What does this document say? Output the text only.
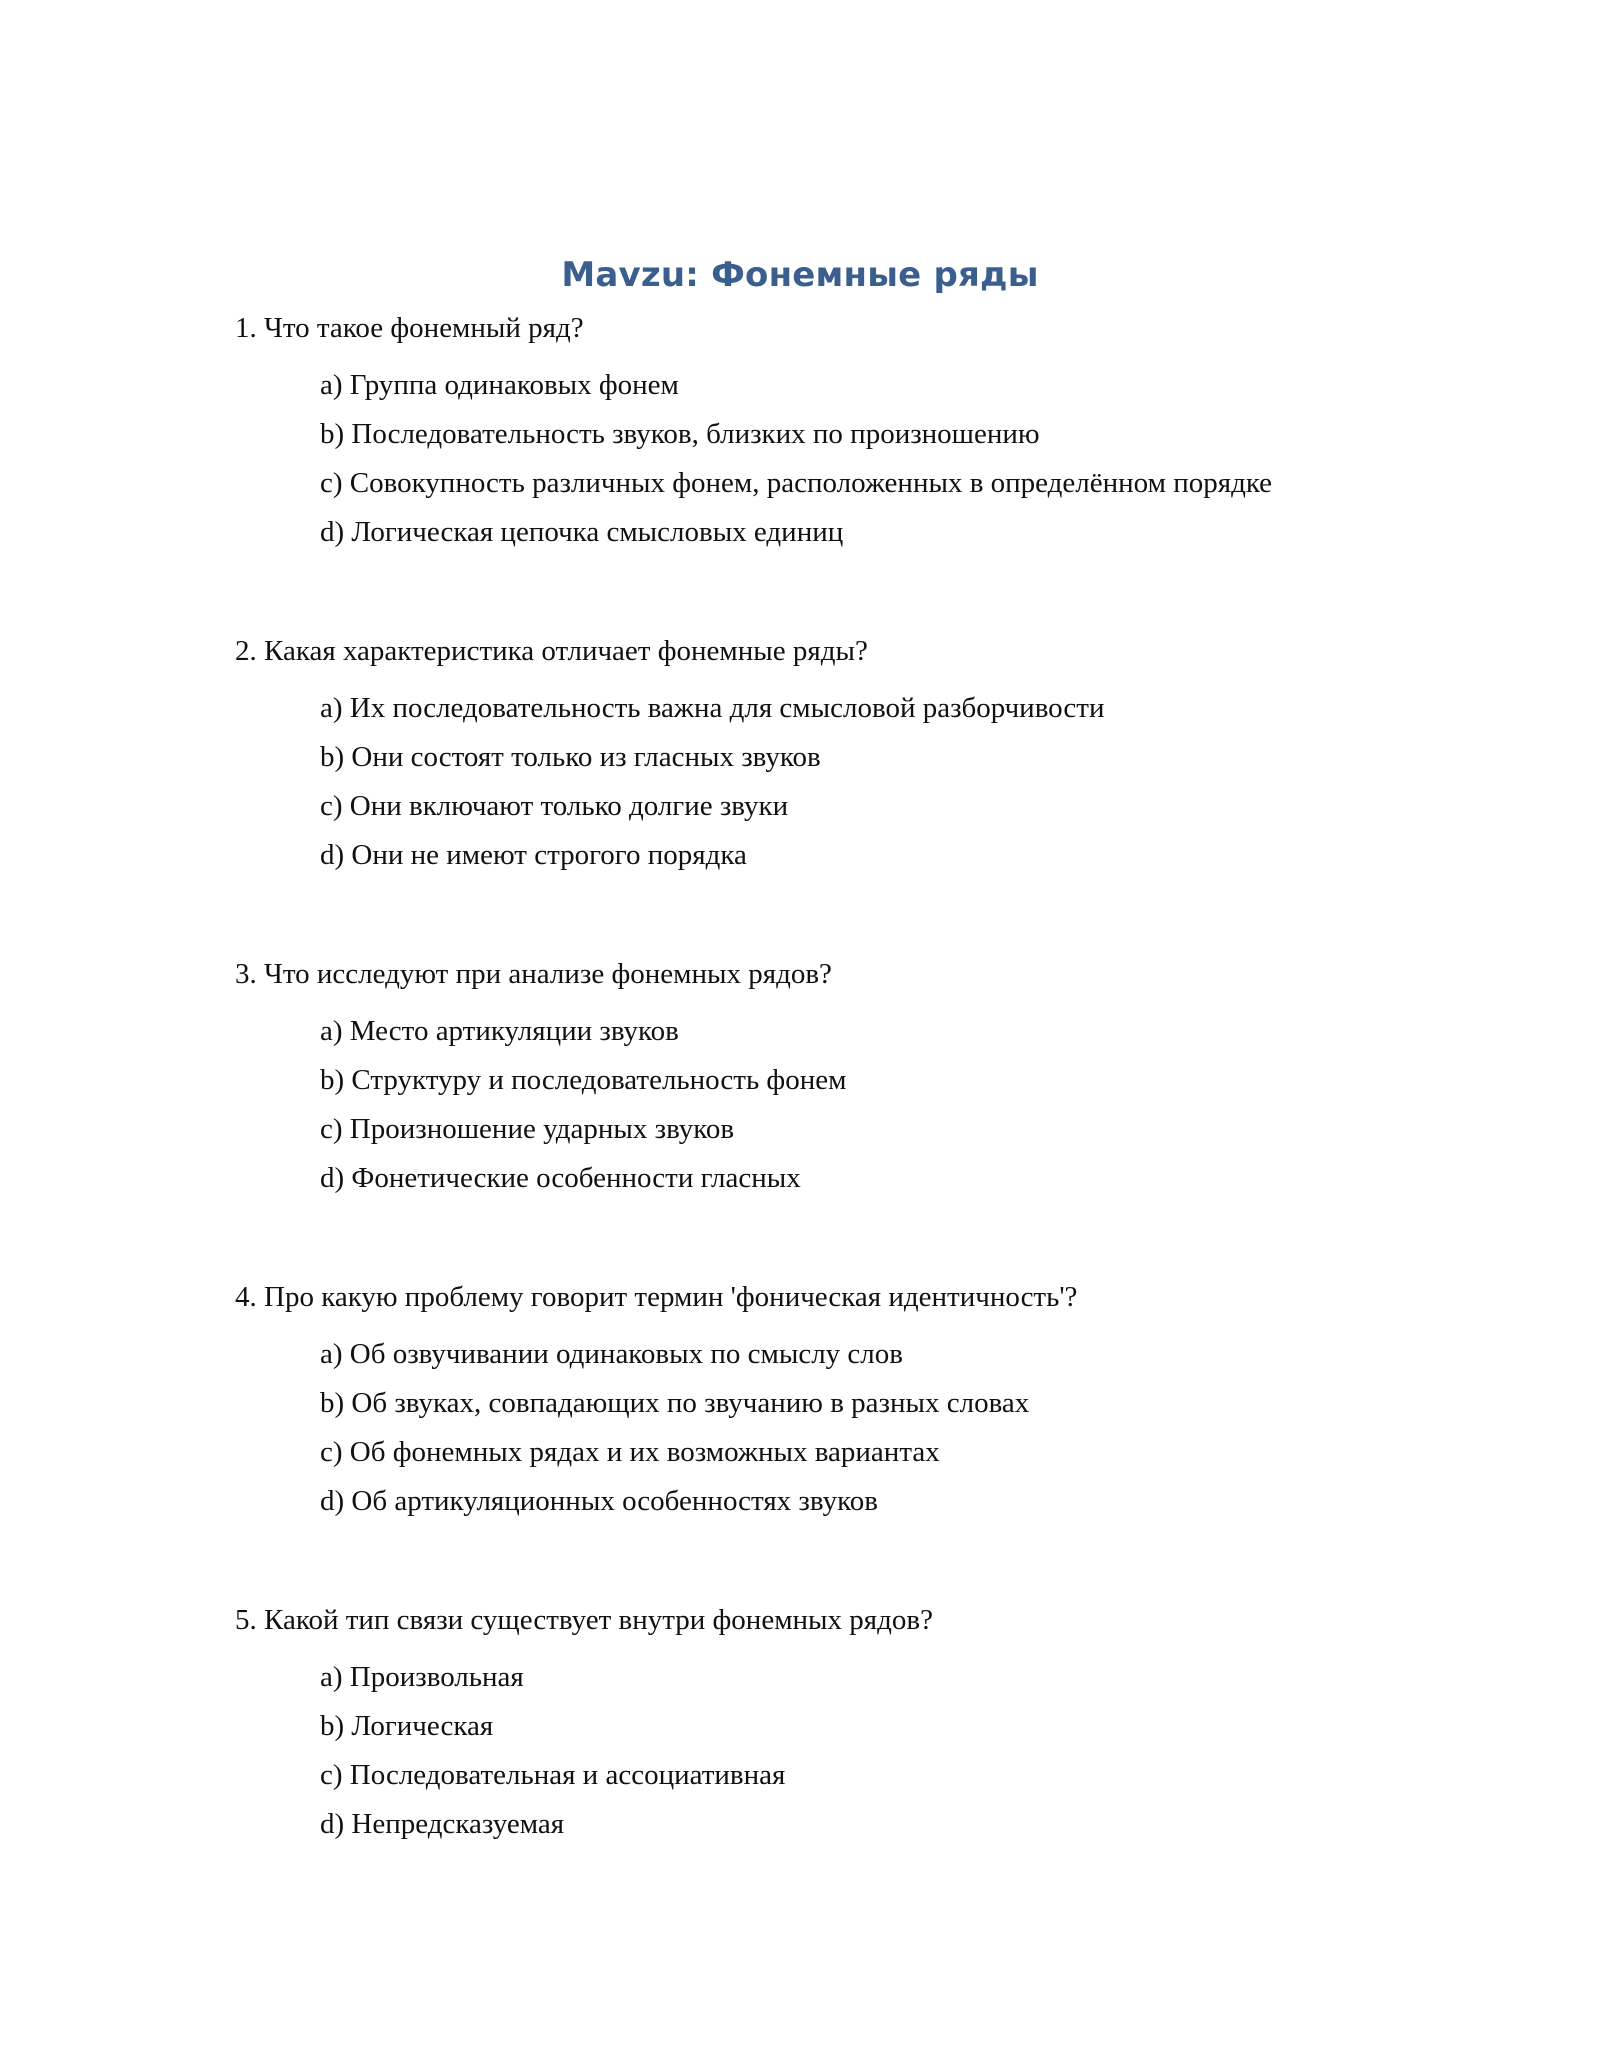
Mavzu: Фонемные ряды

1. Что такое фонемный ряд?

a) Группа одинаковых фонем
b) Последовательность звуков, близких по произношению
c) Совокупность различных фонем, расположенных в определённом порядке
d) Логическая цепочка смысловых единиц

2. Какая характеристика отличает фонемные ряды?

a) Их последовательность важна для смысловой разборчивости
b) Они состоят только из гласных звуков
c) Они включают только долгие звуки
d) Они не имеют строгого порядка

3. Что исследуют при анализе фонемных рядов?

a) Место артикуляции звуков
b) Структуру и последовательность фонем
c) Произношение ударных звуков
d) Фонетические особенности гласных

4. Про какую проблему говорит термин 'фоническая идентичность'?

a) Об озвучивании одинаковых по смыслу слов
b) Об звуках, совпадающих по звучанию в разных словах
c) Об фонемных рядах и их возможных вариантах
d) Об артикуляционных особенностях звуков

5. Какой тип связи существует внутри фонемных рядов?

a) Произвольная
b) Логическая
c) Последовательная и ассоциативная
d) Непредсказуемая
